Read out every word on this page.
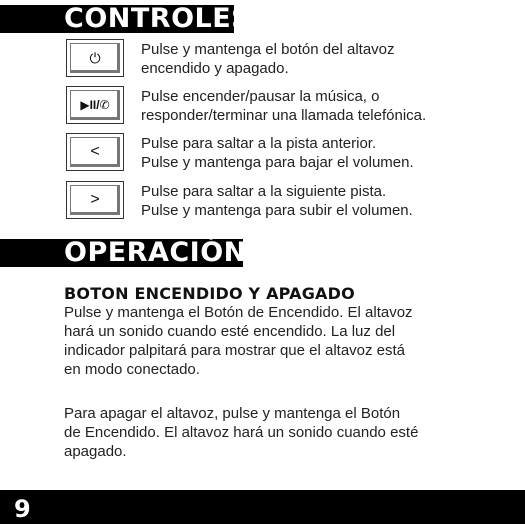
CONTROLES
⏻	Pulse y mantenga el botón del altavoz
encendido y apagado.
▶II/✆	Pulse encender/pausar la música, o
responder/terminar una llamada telefónica.
<	Pulse para saltar a la pista anterior.
Pulse y mantenga para bajar el volumen.
>	Pulse para saltar a la siguiente pista.
Pulse y mantenga para subir el volumen.
OPERACIÓN
BOTON ENCENDIDO Y APAGADO
Pulse y mantenga el Botón de Encendido. El altavoz
hará un sonido cuando esté encendido. La luz del
indicador palpitará para mostrar que el altavoz está
en modo conectado.
Para apagar el altavoz, pulse y mantenga el Botón
de Encendido. El altavoz hará un sonido cuando esté
apagado.
9
